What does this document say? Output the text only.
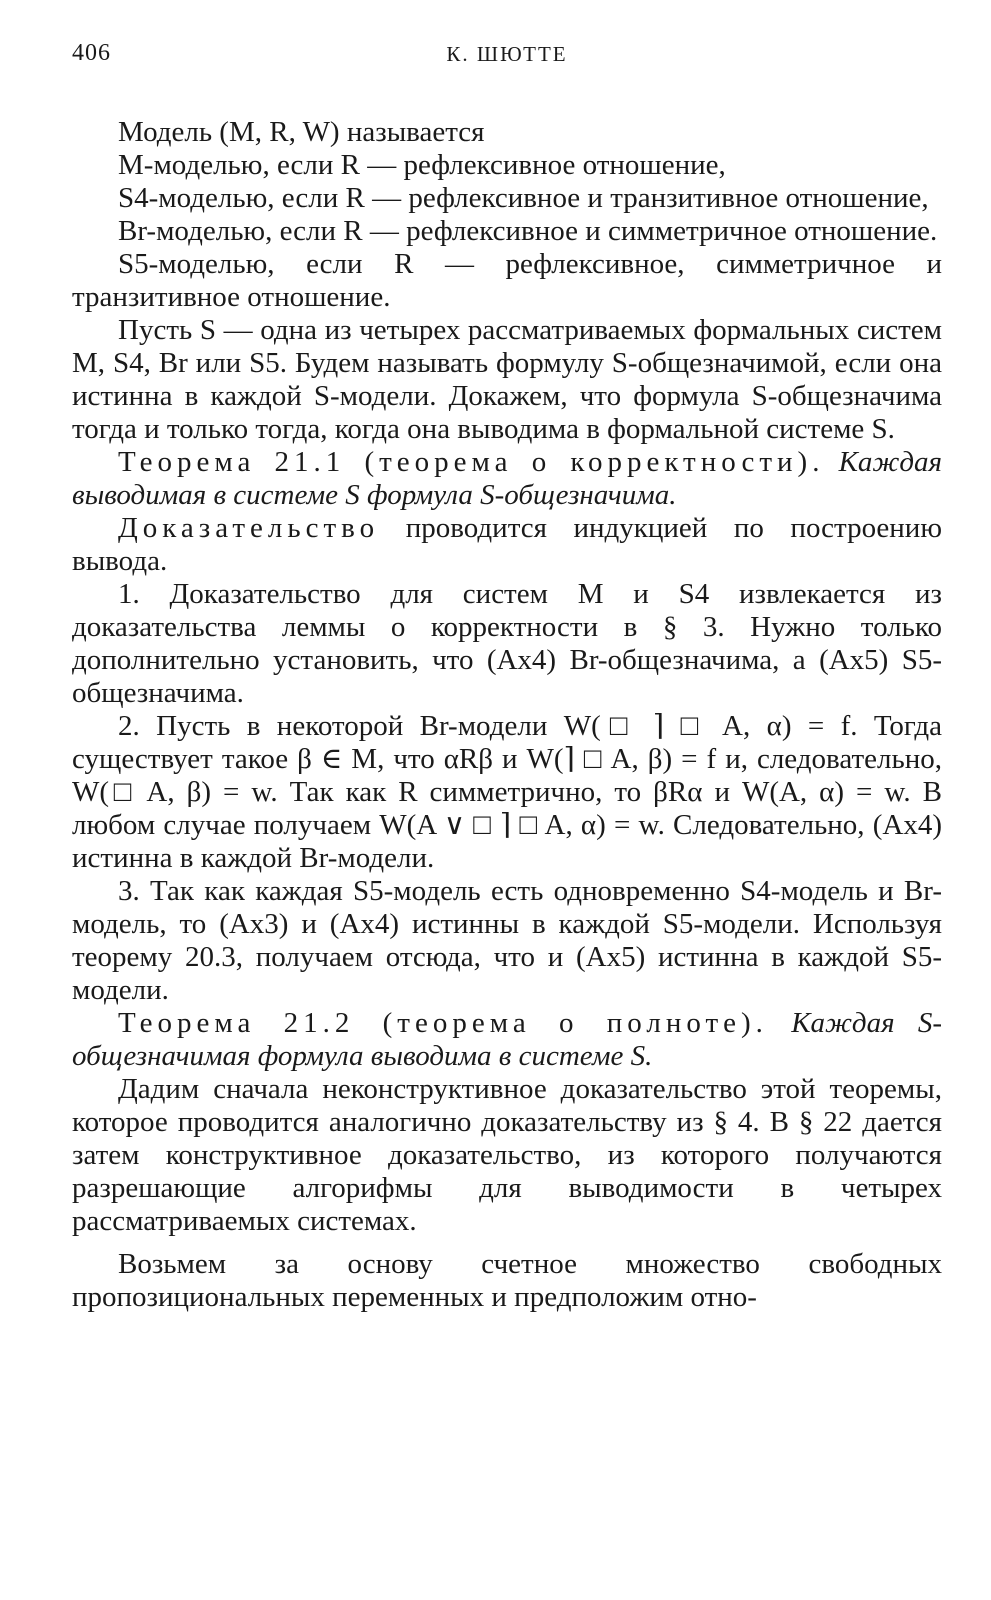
406	К. ШЮТТЕ

Модель (M, R, W) называется

M-моделью, если R — рефлексивное отношение,

S4-моделью, если R — рефлексивное и транзитивное отношение,

Br-моделью, если R — рефлексивное и симметричное отношение.

S5-моделью, если R — рефлексивное, симметричное и транзитивное отношение.

Пусть S — одна из четырех рассматриваемых формальных систем M, S4, Br или S5. Будем называть формулу S-общезначимой, если она истинна в каждой S-модели. Докажем, что формула S-общезначима тогда и только тогда, когда она выводима в формальной системе S.

Теорема 21.1 (теорема о корректности). Каждая выводимая в системе S формула S-общезначима.

Доказательство проводится индукцией по построению вывода.

1. Доказательство для систем M и S4 извлекается из доказательства леммы о корректности в § 3. Нужно только дополнительно установить, что (Ax4) Br-общезначима, а (Ax5) S5-общезначима.

2. Пусть в некоторой Br-модели W(□ ⌉ □ A, α) = f. Тогда существует такое β ∈ M, что αRβ и W(⌉ □ A, β) = f и, следовательно, W(□ A, β) = w. Так как R симметрично, то βRα и W(A, α) = w. В любом случае получаем W(A ∨ □ ⌉ □ A, α) = w. Следовательно, (Ax4) истинна в каждой Br-модели.

3. Так как каждая S5-модель есть одновременно S4-модель и Br-модель, то (Ax3) и (Ax4) истинны в каждой S5-модели. Используя теорему 20.3, получаем отсюда, что и (Ax5) истинна в каждой S5-модели.

Теорема 21.2 (теорема о полноте). Каждая S-общезначимая формула выводима в системе S.

Дадим сначала неконструктивное доказательство этой теоремы, которое проводится аналогично доказательству из § 4. В § 22 дается затем конструктивное доказательство, из которого получаются разрешающие алгорифмы для выводимости в четырех рассматриваемых системах.

Возьмем за основу счетное множество свободных пропозициональных переменных и предположим отно-
